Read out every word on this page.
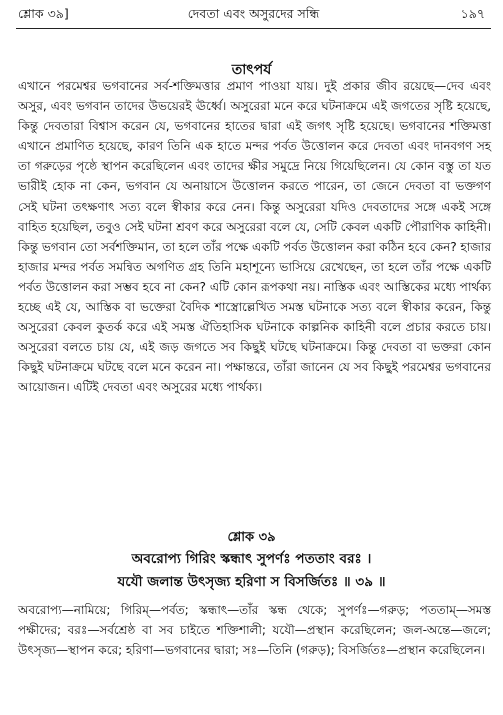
শ্লোক ৩৯]	দেবতা এবং অসুরদের সন্ধি	১৯৭
তাৎপর্য

এখানে পরমেশ্বর ভগবানের সর্ব-শক্তিমত্তার প্রমাণ পাওয়া যায়। দুই প্রকার জীব রয়েছে—দেব এবং অসুর, এবং ভগবান তাদের উভয়েরই ঊর্ধ্বে। অসুরেরা মনে করে ঘটনাক্রমে এই জগতের সৃষ্টি হয়েছে, কিন্তু দেবতারা বিশ্বাস করেন যে, ভগবানের হাতের দ্বারা এই জগৎ সৃষ্টি হয়েছে। ভগবানের শক্তিমত্তা এখানে প্রমাণিত হয়েছে, কারণ তিনি এক হাতে মন্দর পর্বত উত্তোলন করে দেবতা এবং দানবগণ সহ তা গরুড়ের পৃষ্ঠে স্থাপন করেছিলেন এবং তাদের ক্ষীর সমুদ্রে নিয়ে গিয়েছিলেন। যে কোন বস্তু তা যত ভারীই হোক না কেন, ভগবান যে অনায়াসে উত্তোলন করতে পারেন, তা জেনে দেবতা বা ভক্তগণ সেই ঘটনা তৎক্ষণাৎ সত্য বলে স্বীকার করে নেন। কিন্তু অসুরেরা যদিও দেবতাদের সঙ্গে একই সঙ্গে বাহিত হয়েছিল, তবুও সেই ঘটনা শ্রবণ করে অসুরেরা বলে যে, সেটি কেবল একটি পৌরাণিক কাহিনী। কিন্তু ভগবান তো সর্বশক্তিমান, তা হলে তাঁর পক্ষে একটি পর্বত উত্তোলন করা কঠিন হবে কেন? হাজার হাজার মন্দর পর্বত সমন্বিত অগণিত গ্রহ তিনি মহাশূন্যে ভাসিয়ে রেখেছেন, তা হলে তাঁর পক্ষে একটি পর্বত উত্তোলন করা সম্ভব হবে না কেন? এটি কোন রূপকথা নয়। নাস্তিক এবং আস্তিকের মধ্যে পার্থক্য হচ্ছে এই যে, আস্তিক বা ভক্তেরা বৈদিক শাস্ত্রোল্লেখিত সমস্ত ঘটনাকে সত্য বলে স্বীকার করেন, কিন্তু অসুরেরা কেবল কুতর্ক করে এই সমস্ত ঐতিহাসিক ঘটনাকে কাল্পনিক কাহিনী বলে প্রচার করতে চায়। অসুরেরা বলতে চায় যে, এই জড় জগতে সব কিছুই ঘটছে ঘটনাক্রমে। কিন্তু দেবতা বা ভক্তরা কোন কিছুই ঘটনাক্রমে ঘটছে বলে মনে করেন না। পক্ষান্তরে, তাঁরা জানেন যে সব কিছুই পরমেশ্বর ভগবানের আয়োজন। এটিই দেবতা এবং অসুরের মধ্যে পার্থক্য।

শ্লোক ৩৯
অবরোপ্য গিরিং স্কন্ধাৎ সুপর্ণঃ পততাং বরঃ ।
যযৌ জলান্ত উৎসৃজ্য হরিণা স বিসর্জিতঃ ॥ ৩৯ ॥

অবরোপ্য—নামিয়ে; গিরিম্—পর্বত; স্কন্ধাৎ—তাঁর স্কন্ধ থেকে; সুপর্ণঃ—গরুড়; পততাম্—সমস্ত পক্ষীদের; বরঃ—সর্বশ্রেষ্ঠ বা সব চাইতে শক্তিশালী; যযৌ—প্রস্থান করেছিলেন; জল-অন্তে—জলে; উৎসৃজ্য—স্থাপন করে; হরিণা—ভগবানের দ্বারা; সঃ—তিনি (গরুড়); বিসর্জিতঃ—প্রস্থান করেছিলেন।
